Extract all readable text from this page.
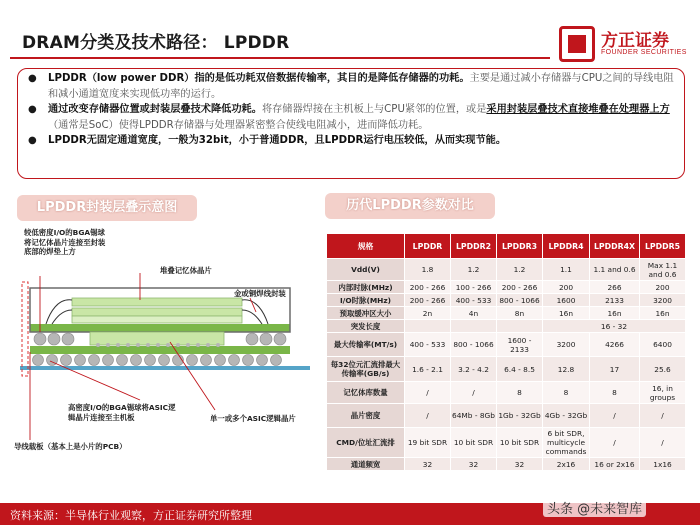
DRAM分类及技术路径： LPDDR	方正证券
FOUNDER SECURITIES
● LPDDR（low power DDR）指的是低功耗双倍数据传输率，其目的是降低存储器的功耗。主要是通过减小存储器与CPU之间的导线电阻和减小通道宽度来实现低功率的运行。
● 通过改变存储器位置或封装层叠技术降低功耗。将存储器焊接在主机板上与CPU紧邻的位置，或是采用封装层叠技术直接堆叠在处理器上方（通常是SoC）使得LPDDR存储器与处理器紧密整合使线电阻减小，进而降低功耗。
● LPDDR无固定通道宽度，一般为32bit，小于普通DDR，且LPDDR运行电压较低，从而实现节能。
LPDDR封装层叠示意图
较低密度I/O的BGA锡球
将记忆体晶片连接至封装
底部的焊垫上方
堆叠记忆体晶片
金或铜焊线封装
高密度I/O的BGA锡球将ASIC逻
辑晶片连接至主机板	单一或多个ASIC逻辑晶片
导线载板（基本上是小片的PCB）
历代LPDDR参数对比
规格	LPDDR	LPDDR2	LPDDR3	LPDDR4	LPDDR4X	LPDDR5
Vdd(V)	1.8	1.2	1.2	1.1	1.1 and 0.6	Max 1.1 and 0.6
内部时脉(MHz)	200 - 266	100 - 266	200 - 266	200	266	200
I/O时脉(MHz)	200 - 266	400 - 533	800 - 1066	1600	2133	3200
预取缓冲区大小	2n	4n	8n	16n	16n	16n
突发长度				16 - 32		
最大传输率(MT/s)	400 - 533	800 - 1066	1600 - 2133	3200	4266	6400
每32位元汇流排最大传输率(GB/s)	1.6 - 2.1	3.2 - 4.2	6.4 - 8.5	12.8	17	25.6
记忆体库数量	/	/	8	8	8	16, in groups
晶片密度	/	64Mb - 8Gb	1Gb - 32Gb	4Gb - 32Gb	/	/
CMD/位址汇流排	19 bit SDR	10 bit SDR	10 bit SDR	6 bit SDR, multicycle commands	/	/
通道频宽	32	32	32	2x16	16 or 2x16	1x16
资料来源：半导体行业观察，方正证券研究所整理	头条 @未来智库
